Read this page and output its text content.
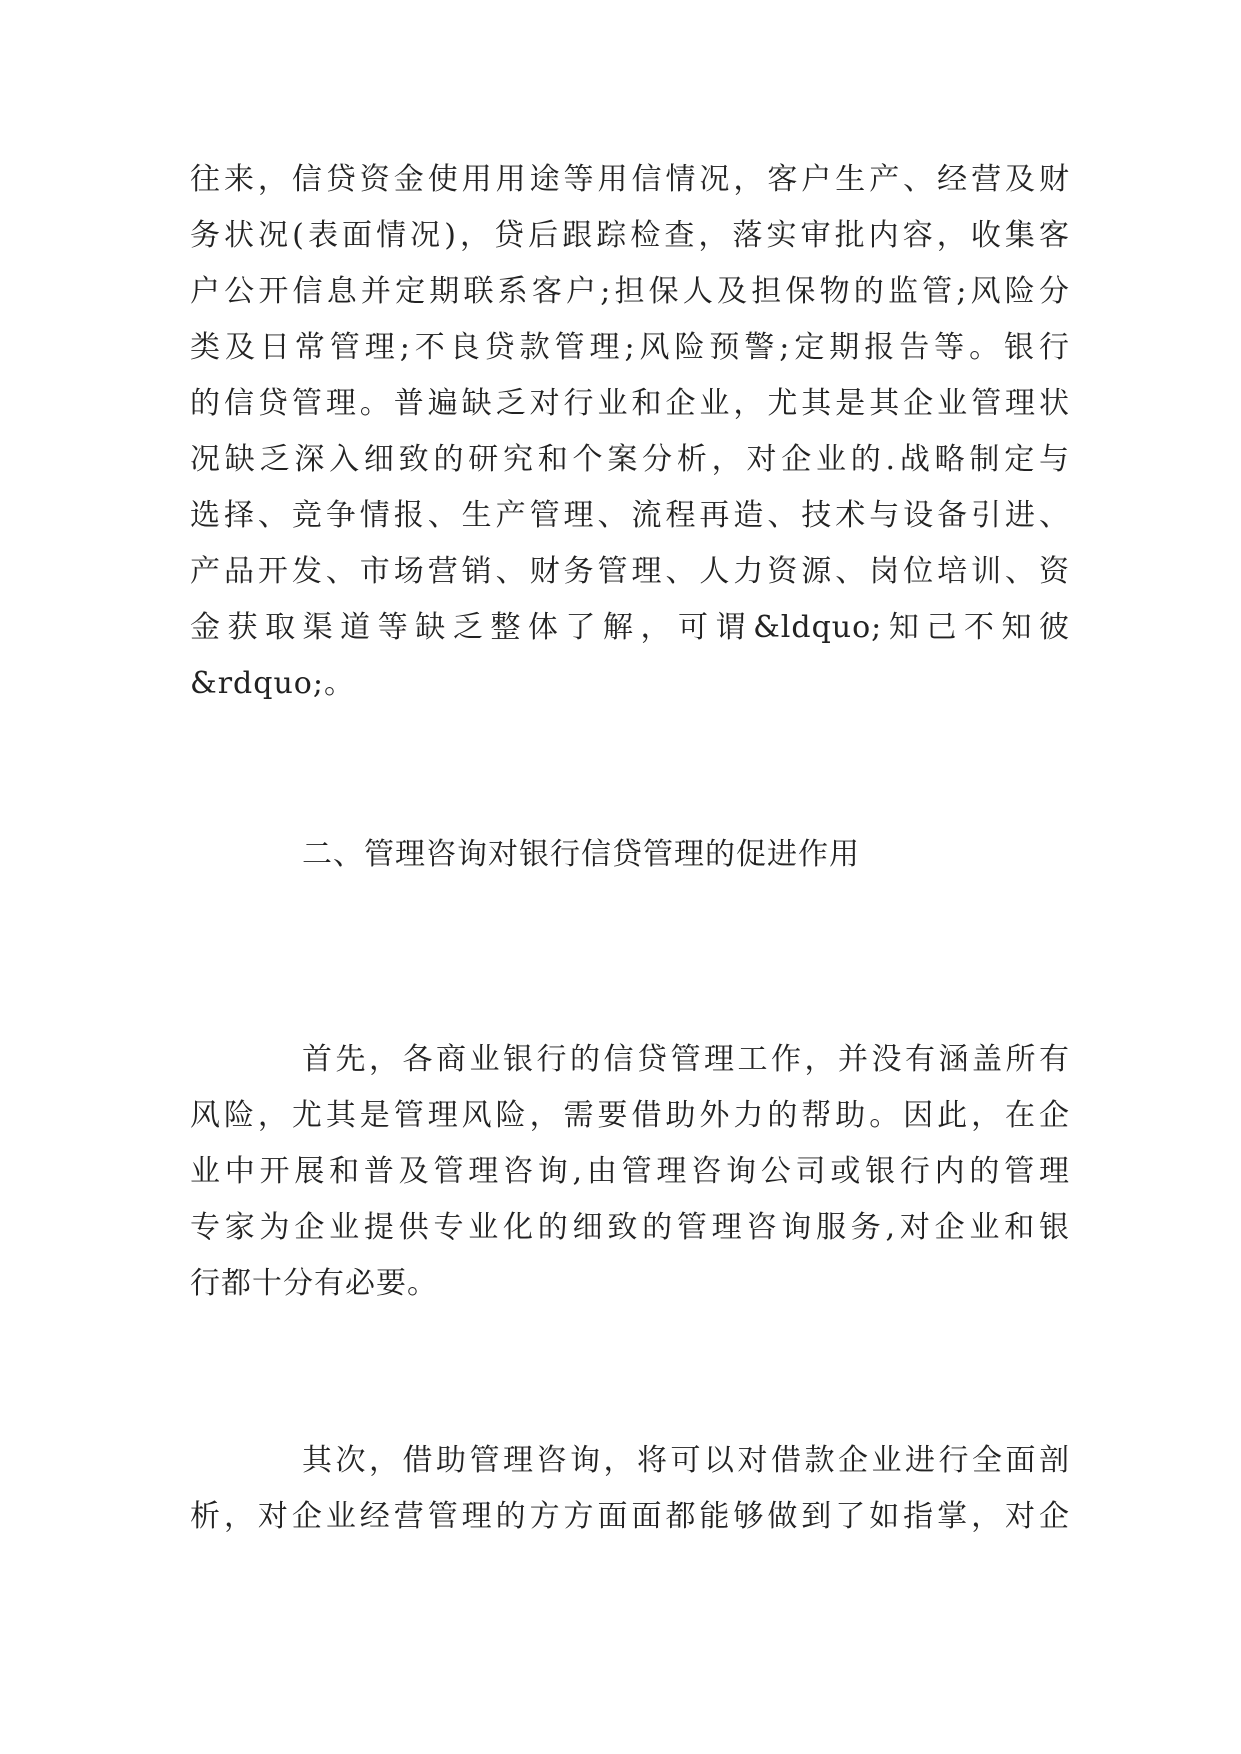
往来，信贷资金使用用途等用信情况，客户生产、经营及财
务状况(表面情况)，贷后跟踪检查，落实审批内容，收集客
户公开信息并定期联系客户;担保人及担保物的监管;风险分
类及日常管理;不良贷款管理;风险预警;定期报告等。银行
的信贷管理。普遍缺乏对行业和企业，尤其是其企业管理状
况缺乏深入细致的研究和个案分析，对企业的.战略制定与
选择、竞争情报、生产管理、流程再造、技术与设备引进、
产品开发、市场营销、财务管理、人力资源、岗位培训、资
金获取渠道等缺乏整体了解，可谓&ldquo;知己不知彼
&rdquo;。
二、管理咨询对银行信贷管理的促进作用
首先，各商业银行的信贷管理工作，并没有涵盖所有
风险，尤其是管理风险，需要借助外力的帮助。因此，在企
业中开展和普及管理咨询,由管理咨询公司或银行内的管理
专家为企业提供专业化的细致的管理咨询服务,对企业和银
行都十分有必要。
其次，借助管理咨询，将可以对借款企业进行全面剖
析，对企业经营管理的方方面面都能够做到了如指掌，对企
